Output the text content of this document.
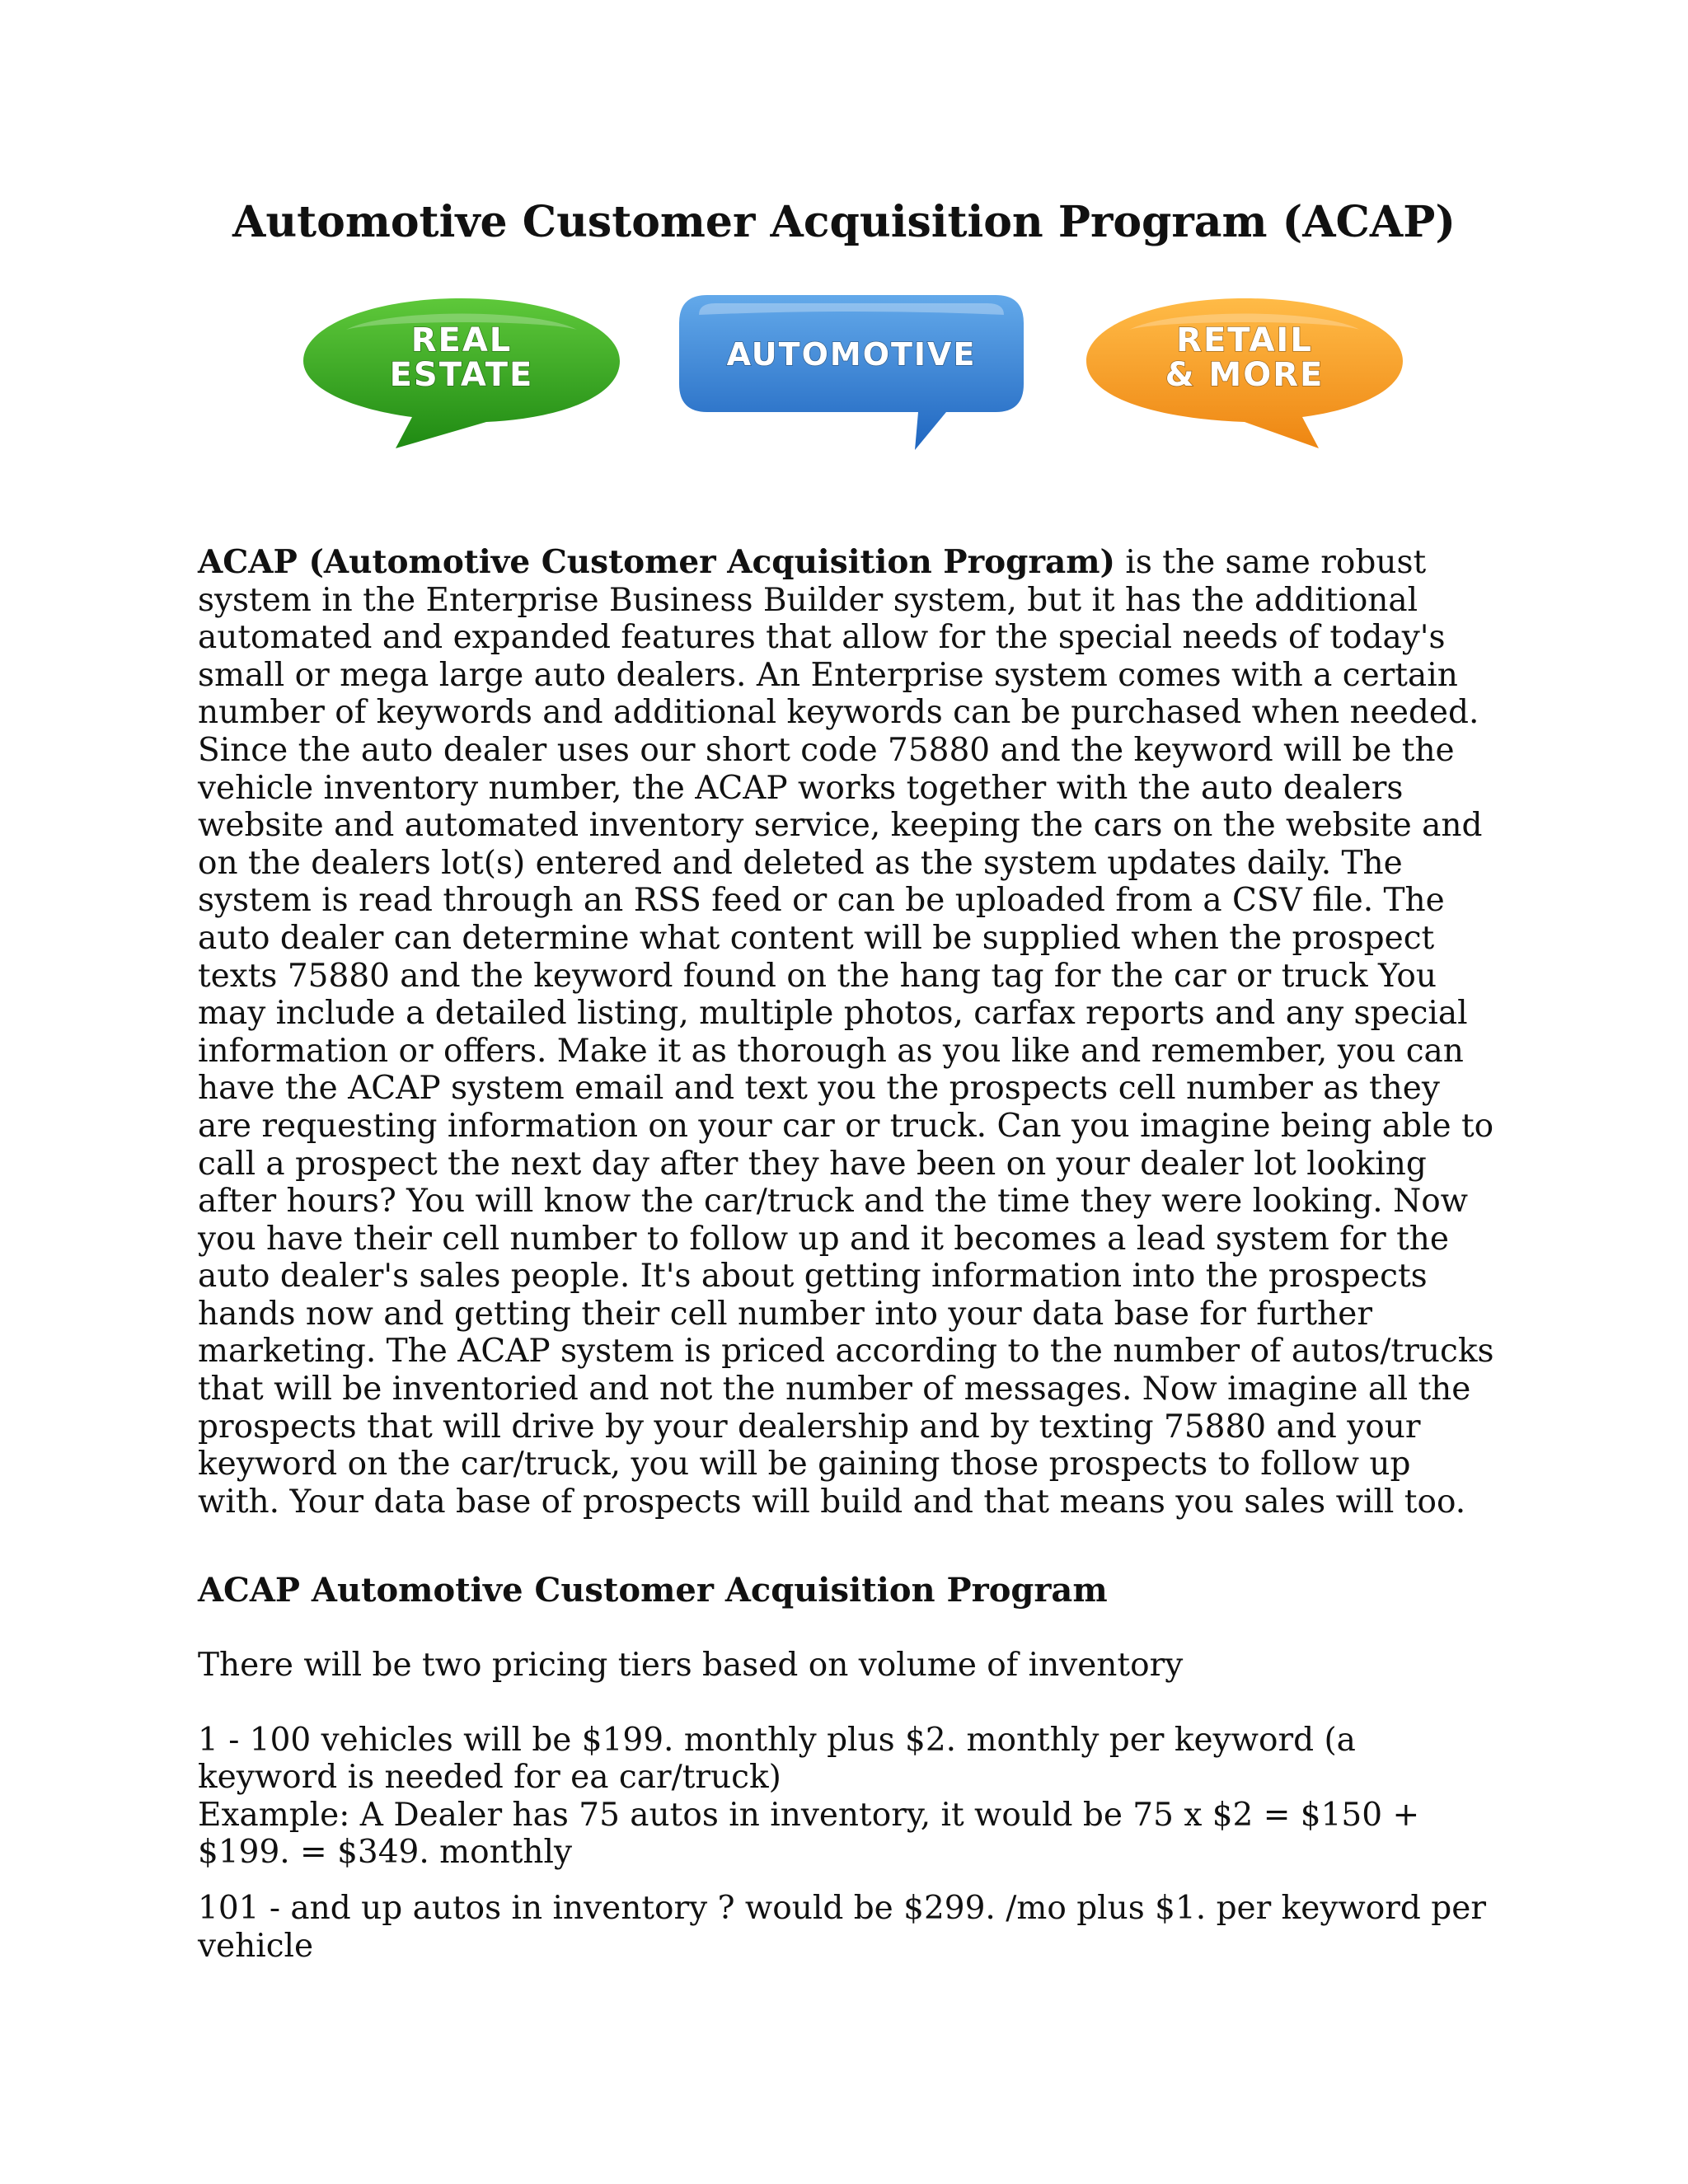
Automotive Customer Acquisition Program (ACAP)
REAL
ESTATE
AUTOMOTIVE	RETAIL
& MORE

ACAP (Automotive Customer Acquisition Program) is the same robust system in the Enterprise Business Builder system, but it has the additional automated and expanded features that allow for the special needs of today's small or mega large auto dealers. An Enterprise system comes with a certain number of keywords and additional keywords can be purchased when needed. Since the auto dealer uses our short code 75880 and the keyword will be the vehicle inventory number, the ACAP works together with the auto dealers website and automated inventory service, keeping the cars on the website and on the dealers lot(s) entered and deleted as the system updates daily. The system is read through an RSS feed or can be uploaded from a CSV file. The auto dealer can determine what content will be supplied when the prospect texts 75880 and the keyword found on the hang tag for the car or truck You may include a detailed listing, multiple photos, carfax reports and any special information or offers. Make it as thorough as you like and remember, you can have the ACAP system email and text you the prospects cell number as they are requesting information on your car or truck. Can you imagine being able to call a prospect the next day after they have been on your dealer lot looking after hours? You will know the car/truck and the time they were looking. Now you have their cell number to follow up and it becomes a lead system for the auto dealer's sales people. It's about getting information into the prospects hands now and getting their cell number into your data base for further marketing. The ACAP system is priced according to the number of autos/trucks that will be inventoried and not the number of messages. Now imagine all the prospects that will drive by your dealership and by texting 75880 and your keyword on the car/truck, you will be gaining those prospects to follow up with. Your data base of prospects will build and that means you sales will too.

ACAP Automotive Customer Acquisition Program

There will be two pricing tiers based on volume of inventory

1 - 100 vehicles will be $199. monthly plus $2. monthly per keyword (a keyword is needed for ea car/truck)

Example: A Dealer has 75 autos in inventory, it would be 75 x $2 = $150 + $199. = $349. monthly

101 - and up autos in inventory ? would be $299. /mo plus $1. per keyword per vehicle
